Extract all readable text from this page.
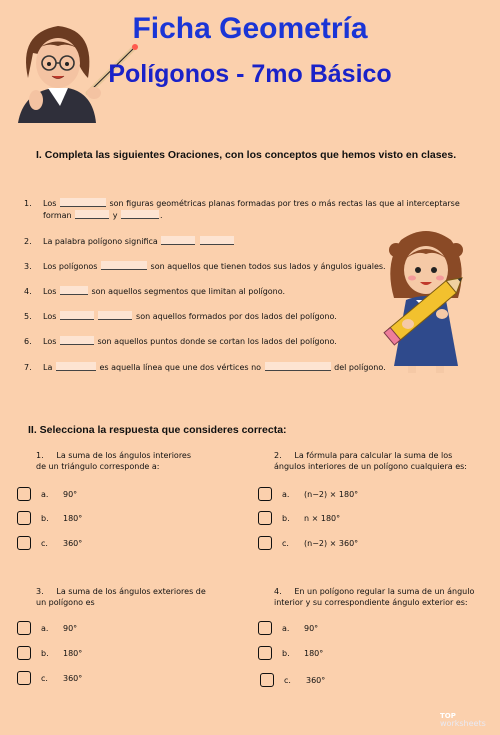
Ficha Geometría
Polígonos - 7mo Básico
I. Completa las siguientes Oraciones, con los conceptos que hemos visto en clases.
1. Los	son figuras geométricas planas formadas por tres o más rectas las que al interceptarse
forman	y	.
2. La palabra polígono significa
3. Los polígonos	son aquellos que tienen todos sus lados y ángulos iguales.
4. Los	son aquellos segmentos que limitan al polígono.
5. Los	son aquellos formados por dos lados del polígono.
6. Los	son aquellos puntos donde se cortan los lados del polígono.
7. La	es aquella línea que une dos vértices no	del polígono.
II. Selecciona la respuesta que consideres correcta:
1. La suma de los ángulos interiores
de un triángulo corresponde a:
a. 90°
b. 180°
c. 360°
2. La fórmula para calcular la suma de los
ángulos interiores de un polígono cualquiera es:
a. (n−2) × 180°
b. n × 180°
c. (n−2) × 360°
3. La suma de los ángulos exteriores de
un polígono es
a. 90°
b. 180°
c. 360°
4. En un polígono regular la suma de un ángulo
interior y su correspondiente ángulo exterior es:
a. 90°
b. 180°
c. 360°
TOP
worksheets
